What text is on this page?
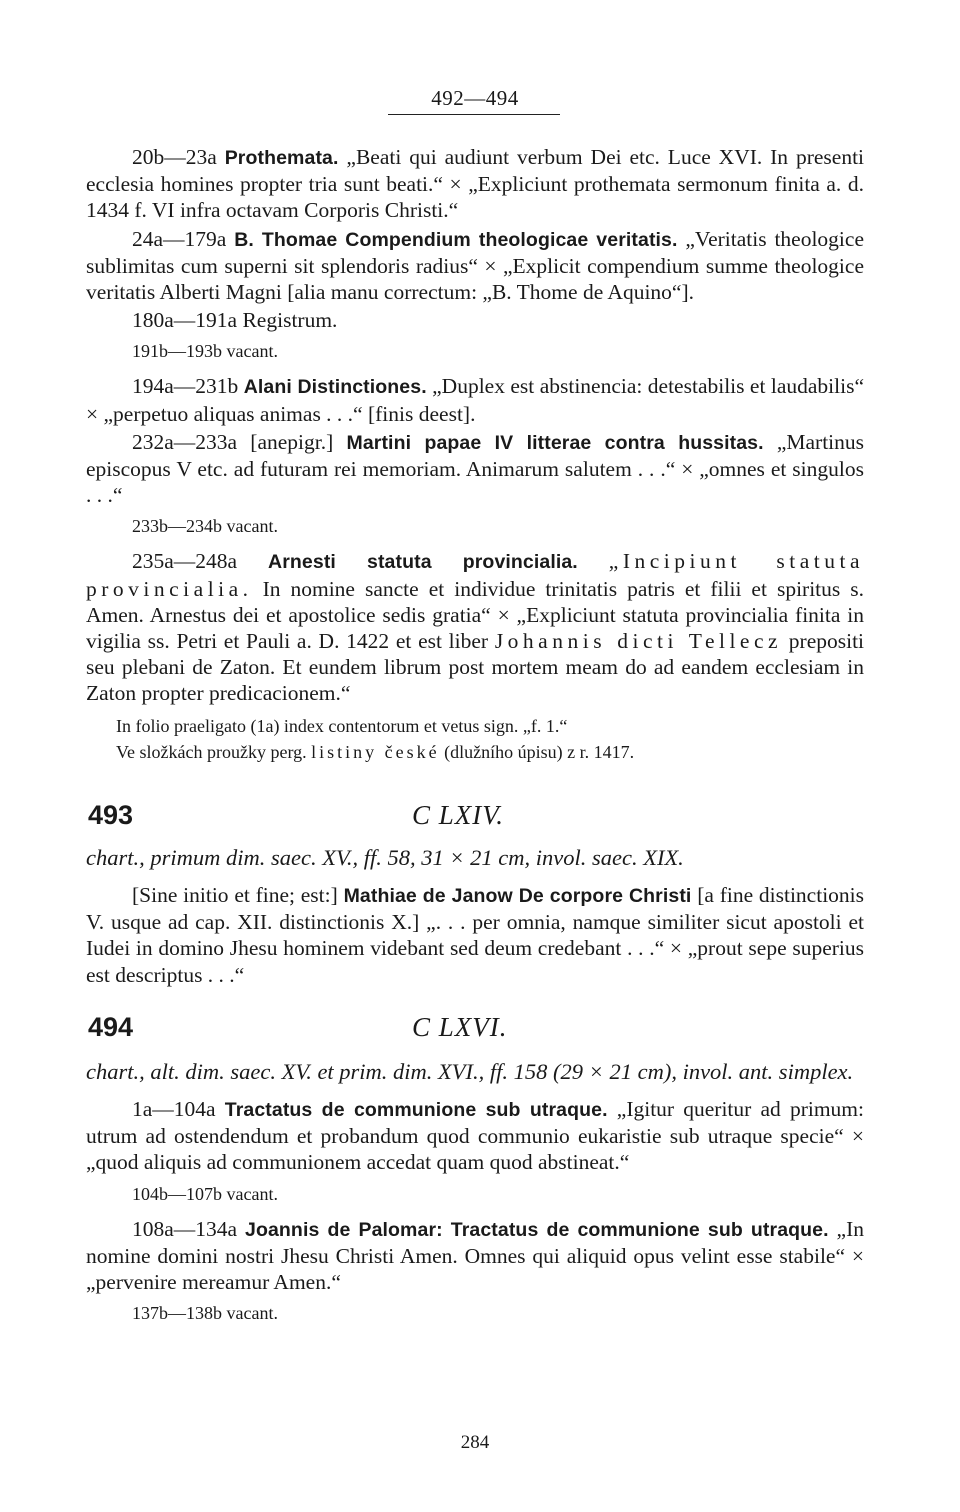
492—494

20b—23a Prothemata. „Beati qui audiunt verbum Dei etc. Luce XVI. In presenti ecclesia homines propter tria sunt beati.“ × „Expliciunt prothemata sermonum finita a. d. 1434 f. VI infra octavam Corporis Christi.“

24a—179a B. Thomae Compendium theologicae veritatis. „Veritatis theologice sublimitas cum superni sit splendoris radius“ × „Explicit compendium summe theologice veritatis Alberti Magni [alia manu correctum: „B. Thome de Aquino“].

180a—191a Registrum.

191b—193b vacant.

194a—231b Alani Distinctiones. „Duplex est abstinencia: detestabilis et laudabilis“ × „perpetuo aliquas animas . . .“ [finis deest].

232a—233a [anepigr.] Martini papae IV litterae contra hussitas. „Martinus episcopus V etc. ad futuram rei memoriam. Animarum salutem . . .“ × „omnes et singulos . . .“

233b—234b vacant.

235a—248a Arnesti statuta provincialia. „Incipiunt statuta provincialia. In nomine sancte et individue trinitatis patris et filii et spiritus s. Amen. Arnestus dei et apostolice sedis gratia“ × „Expliciunt statuta provincialia finita in vigilia ss. Petri et Pauli a. D. 1422 et est liber Johannis dicti Tellecz prepositi seu plebani de Zaton. Et eundem librum post mortem meam do ad eandem ecclesiam in Zaton propter predicacionem.“

In folio praeligato (1a) index contentorum et vetus sign. „f. 1.“

Ve složkách proužky perg. listiny české (dlužního úpisu) z r. 1417.

493	C LXIV.

chart., primum dim. saec. XV., ff. 58, 31 × 21 cm, invol. saec. XIX.

[Sine initio et fine; est:] Mathiae de Janow De corpore Christi [a fine distinctionis V. usque ad cap. XII. distinctionis X.] „. . . per omnia, namque similiter sicut apostoli et Iudei in domino Jhesu hominem videbant sed deum credebant . . .“ × „prout sepe superius est descriptus . . .“

494	C LXVI.

chart., alt. dim. saec. XV. et prim. dim. XVI., ff. 158 (29 × 21 cm), invol. ant. simplex.

1a—104a Tractatus de communione sub utraque. „Igitur queritur ad primum: utrum ad ostendendum et probandum quod communio eukaristie sub utraque specie“ × „quod aliquis ad communionem accedat quam quod abstineat.“

104b—107b vacant.

108a—134a Joannis de Palomar: Tractatus de communione sub utraque. „In nomine domini nostri Jhesu Christi Amen. Omnes qui aliquid opus velint esse stabile“ × „pervenire mereamur Amen.“

137b—138b vacant.

284
